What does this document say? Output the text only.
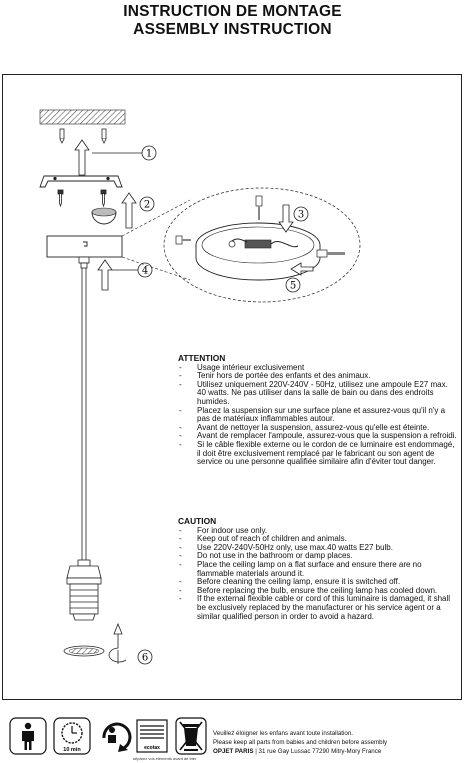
INSTRUCTION DE MONTAGE
ASSEMBLY INSTRUCTION
1
2
4
3
5
6
ATTENTION
- Usage intérieur exclusivement
- Tenir hors de portée des enfants et des animaux.
- Utilisez uniquement 220V-240V - 50Hz, utilisez une ampoule E27 max. 40 watts. Ne pas utiliser dans la salle de bain ou dans des endroits humides.
- Placez la suspension sur une surface plane et assurez-vous qu'il n'y a pas de matériaux inflammables autour.
- Avant de nettoyer la suspension, assurez-vous qu'elle est éteinte.
- Avant de remplacer l'ampoule, assurez-vous que la suspension a refroidi.
- Si le câble flexible externe ou le cordon de ce luminaire est endommagé, il doit être exclusivement remplacé par le fabricant ou son agent de service ou une personne qualifiée similaire afin d'éviter tout danger.
CAUTION
- For indoor use only.
- Keep out of reach of children and animals.
- Use 220V-240V-50Hz only, use max.40 watts E27 bulb.
- Do not use in the bathroom or damp places.
- Place the ceiling lamp on a flat surface and ensure there are no flammable materials around it.
- Before cleaning the ceiling lamp, ensure it is switched off.
- Before replacing the bulb, ensure the ceiling lamp has cooled down.
- If the external flexible cable or cord of this luminaire is damaged, it shall be exclusively replaced by the manufacturer or his service agent or a similar qualified person in order to avoid a hazard.
10 min	ecotax
séparez vos éléments avant de trier
Veuillez éloigner les enfans avant toute installation.
Please keep all parts from babies and children before assembly
OPJET PARIS | 31 rue Gay Lussac 77290 Mitry-Mory France
